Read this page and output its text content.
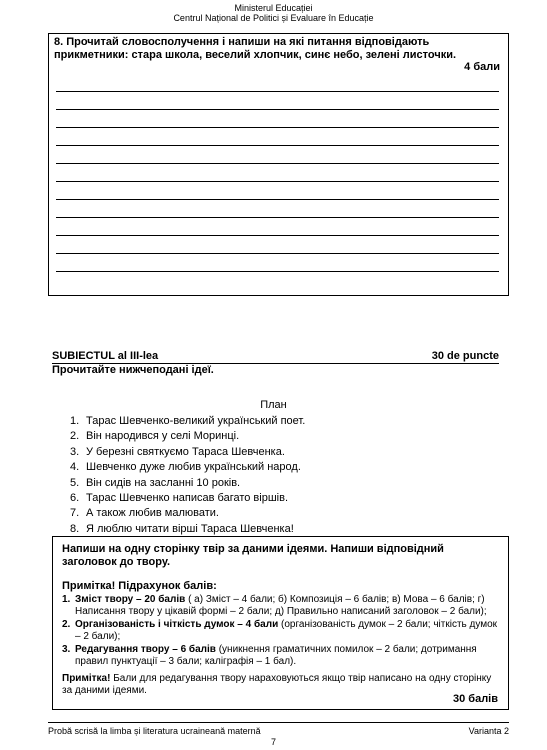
Ministerul Educației
Centrul Național de Politici și Evaluare în Educație
8. Прочитай словосполучення і напиши на які питання відповідають прикметники: стара школа, веселий хлопчик, синє небо, зелені листочки.
4 бали
SUBIECTUL al III-lea	30 de puncte
Прочитайте нижчеподані ідеї.
План
1. Тарас Шевченко-великий український поет.
2. Він народився у селі Моринці.
3. У березні святкуємо Тараса Шевченка.
4. Шевченко дуже любив український народ.
5. Він сидів на засланні 10 років.
6. Тарас Шевченко написав багато віршів.
7. А також любив малювати.
8. Я люблю читати вірші Тараса Шевченка!
Напиши на одну сторінку твір за даними ідеями. Напиши відповідний заголовок до твору.
Примітка! Підрахунок балів:
1. Зміст твору – 20 балів ( а) Зміст – 4 бали; б) Композиція – 6 балів; в) Мова – 6 балів; г) Написання твору у цікавій формі – 2 бали; д) Правильно написаний заголовок – 2 бали);
2. Організованість і чіткість думок – 4 бали (організованість думок – 2 бали; чіткість думок – 2 бали);
3. Редагування твору – 6 балів (уникнення граматичних помилок – 2 бали; дотримання правил пунктуації – 3 бали; каліграфія – 1 бал).
Примітка! Бали для редагування твору нараховуються якщо твір написано на одну сторінку за даними ідеями.
30 балів
Probă scrisă la limba și literatura ucraineană maternă	Varianta 2
7
